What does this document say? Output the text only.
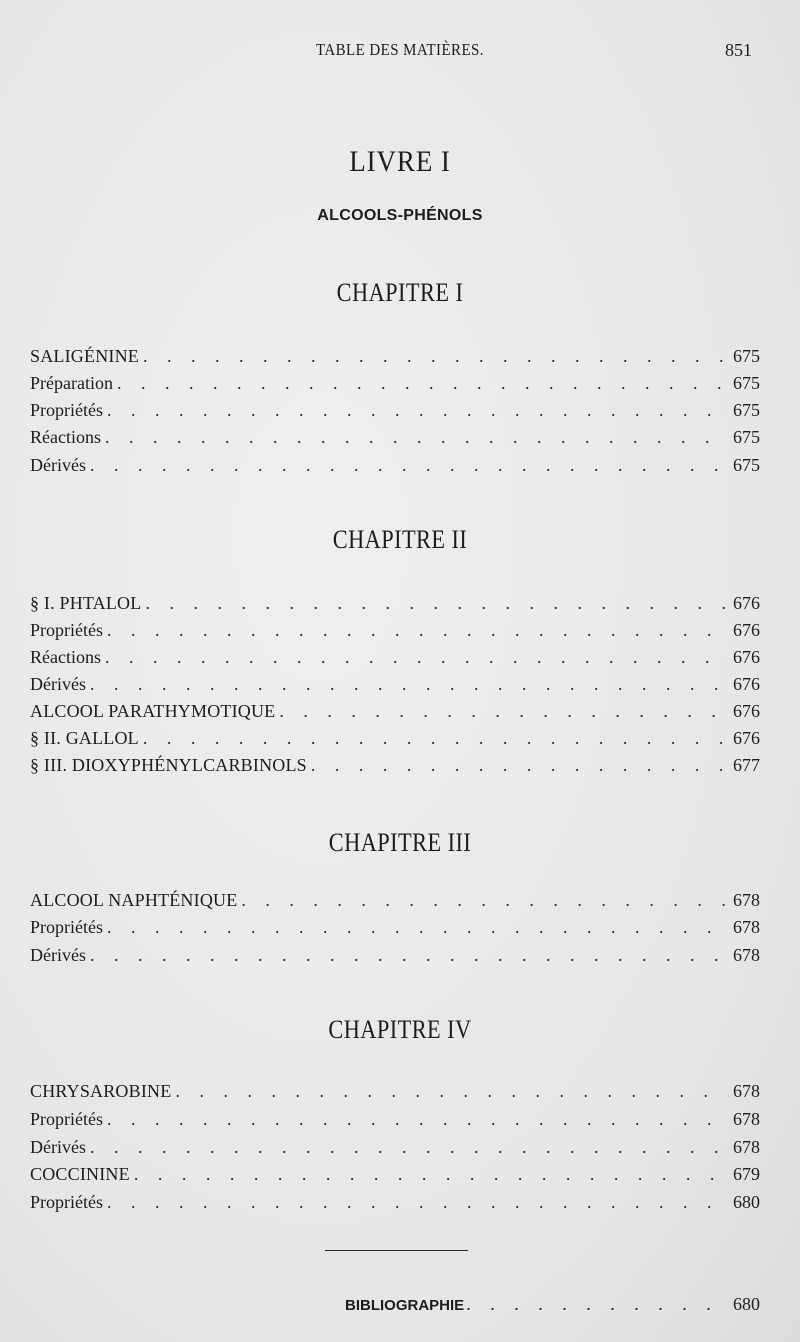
TABLE DES MATIÈRES.	851
LIVRE I
ALCOOLS-PHÉNOLS
CHAPITRE I
SALIGÉNINE . . .	675
Préparation . . .	675
Propriétés . . .	675
Réactions . . .	675
Dérivés . . .	675
CHAPITRE II
§ I. PHTALOL . . .	676
Propriétés . . .	676
Réactions . . .	676
Dérivés . . .	676
ALCOOL PARATHYMOTIQUE . . .	676
§ II. GALLOL . . .	676
§ III. DIOXYPHÉNYLCARBINOLS . . .	677
CHAPITRE III
ALCOOL NAPHTÉNIQUE . . .	678
Propriétés . . .	678
Dérivés . . .	678
CHAPITRE IV
CHRYSAROBINE . . .	678
Propriétés . . .	678
Dérivés . . .	678
COCCININE . . .	679
Propriétés . . .	680
BIBLIOGRAPHIE . . .	680
